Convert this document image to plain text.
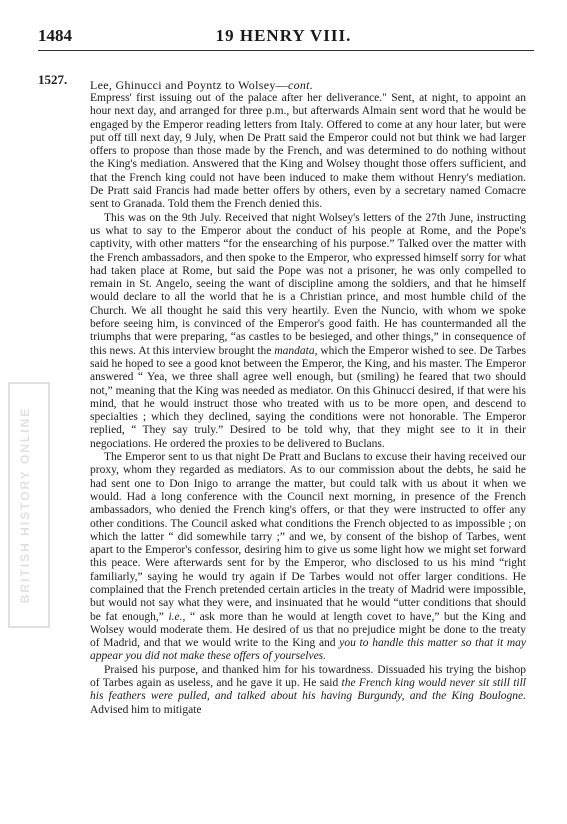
1484	19 HENRY VIII.
1527. Lee, Ghinucci and Poyntz to Wolsey—cont.
BRITISH HISTORY ONLINE

Empress' first issuing out of the palace after her deliverance." Sent, at night, to appoint an hour next day, and arranged for three p.m., but afterwards Almain sent word that he would be engaged by the Emperor reading letters from Italy. Offered to come at any hour later, but were put off till next day, 9 July, when De Pratt said the Emperor could not but think we had larger offers to propose than those made by the French, and was determined to do nothing without the King's mediation. Answered that the King and Wolsey thought those offers sufficient, and that the French king could not have been induced to make them without Henry's mediation. De Pratt said Francis had made better offers by others, even by a secretary named Comacre sent to Granada. Told them the French denied this.

This was on the 9th July. Received that night Wolsey's letters of the 27th June, instructing us what to say to the Emperor about the conduct of his people at Rome, and the Pope's captivity, with other matters “for the ensearching of his purpose.” Talked over the matter with the French ambassadors, and then spoke to the Emperor, who expressed himself sorry for what had taken place at Rome, but said the Pope was not a prisoner, he was only compelled to remain in St. Angelo, seeing the want of discipline among the soldiers, and that he himself would declare to all the world that he is a Christian prince, and most humble child of the Church. We all thought he said this very heartily. Even the Nuncio, with whom we spoke before seeing him, is convinced of the Emperor's good faith. He has countermanded all the triumphs that were preparing, “as castles to be besieged, and other things,” in consequence of this news. At this interview brought the mandata, which the Emperor wished to see. De Tarbes said he hoped to see a good knot between the Emperor, the King, and his master. The Emperor answered “ Yea, we three shall agree well enough, but (smiling) he feared that two should not,” meaning that the King was needed as mediator. On this Ghinucci desired, if that were his mind, that he would instruct those who treated with us to be more open, and descend to specialties ; which they declined, saying the conditions were not honorable. The Emperor replied, “ They say truly.” Desired to be told why, that they might see to it in their negociations. He ordered the proxies to be delivered to Buclans.

The Emperor sent to us that night De Pratt and Buclans to excuse their having received our proxy, whom they regarded as mediators. As to our commission about the debts, he said he had sent one to Don Inigo to arrange the matter, but could talk with us about it when we would. Had a long conference with the Council next morning, in presence of the French ambassadors, who denied the French king's offers, or that they were instructed to offer any other conditions. The Council asked what conditions the French objected to as impossible ; on which the latter “ did somewhile tarry ;” and we, by consent of the bishop of Tarbes, went apart to the Emperor's confessor, desiring him to give us some light how we might set forward this peace. Were afterwards sent for by the Emperor, who disclosed to us his mind “right familiarly,” saying he would try again if De Tarbes would not offer larger conditions. He complained that the French pretended certain articles in the treaty of Madrid were impossible, but would not say what they were, and insinuated that he would “utter conditions that should be fat enough,” i.e., “ ask more than he would at length covet to have,” but the King and Wolsey would moderate them. He desired of us that no prejudice might be done to the treaty of Madrid, and that we would write to the King and you to handle this matter so that it may appear you did not make these offers of yourselves.

Praised his purpose, and thanked him for his towardness. Dissuaded his trying the bishop of Tarbes again as useless, and he gave it up. He said the French king would never sit still till his feathers were pulled, and talked about his having Burgundy, and the King Boulogne. Advised him to mitigate
